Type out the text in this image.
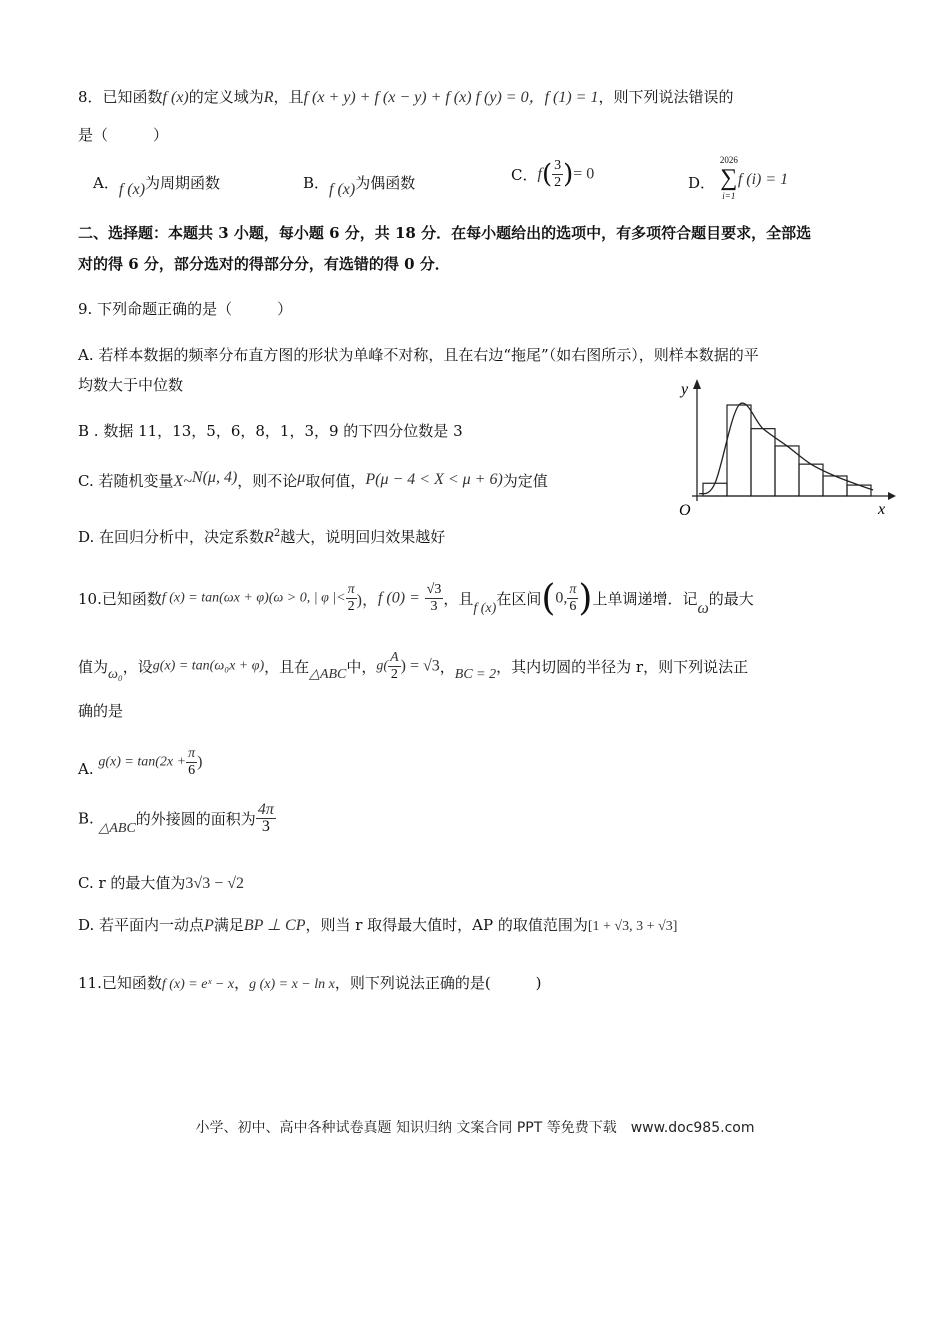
8．已知函数f (x)的定义域为R，且f (x + y) + f (x − y) + f (x) f (y) = 0，f (1) = 1，则下列说法错误的
是（　　　）
A．f (x)为周期函数	B．f (x)为偶函数	C．$f( \frac{3}{2}$ )= 0	D．
2026
∑
i=1
f (i) = 1
二、选择题：本题共 3 小题，每小题 6 分，共 18 分．在每小题给出的选项中，有多项符合题目要求，全部选
对的得 6 分，部分选对的得部分分，有选错的得 0 分．
9. 下列命题正确的是（　　　）
A. 若样本数据的频率分布直方图的形状为单峰不对称，且在右边“拖尾”（如右图所示），则样本数据的平
均数大于中位数
B . 数据 11，13，5，6，8，1，3，9 的下四分位数是 3
C. 若随机变量X~N(μ, 4)，则不论μ取何值，P(μ − 4 < X < μ + 6)为定值
D. 在回归分析中，决定系数$R^2$越大，说明回归效果越好
y
x
O
10.已知函数f (x) = tan(ωx + φ)(ω > 0, | φ |< $\frac{\pi}{2}$ )，f $(0) = \frac{√3}{3}$ ，且f (x)在区间(0, $\frac{\pi}{6}$ )上单调递增．记ω的最大
值为ω₀，设g(x) = tan(ω₀x + φ)，且在△ABC中，$g( \frac{A}{2}$ ) = √3，BC = 2，其内切圆的半径为 r，则下列说法正
确的是
A. $g(x) = \tan(2x + \frac{\pi}{6}$ )
B. △ABC的外接圆的面积为 $\frac{4\pi}{3}$
C. r 的最大值为3√3 − √2
D. 若平面内一动点P满足BP ⊥ CP，则当 r 取得最大值时，AP 的取值范围为[1 + √3, 3 + √3]
11.已知函数f (x) = eˣ − x，g (x) = x − ln x，则下列说法正确的是(　　　)
小学、初中、高中各种试卷真题 知识归纳 文案合同 PPT 等免费下载　www.doc985.com
